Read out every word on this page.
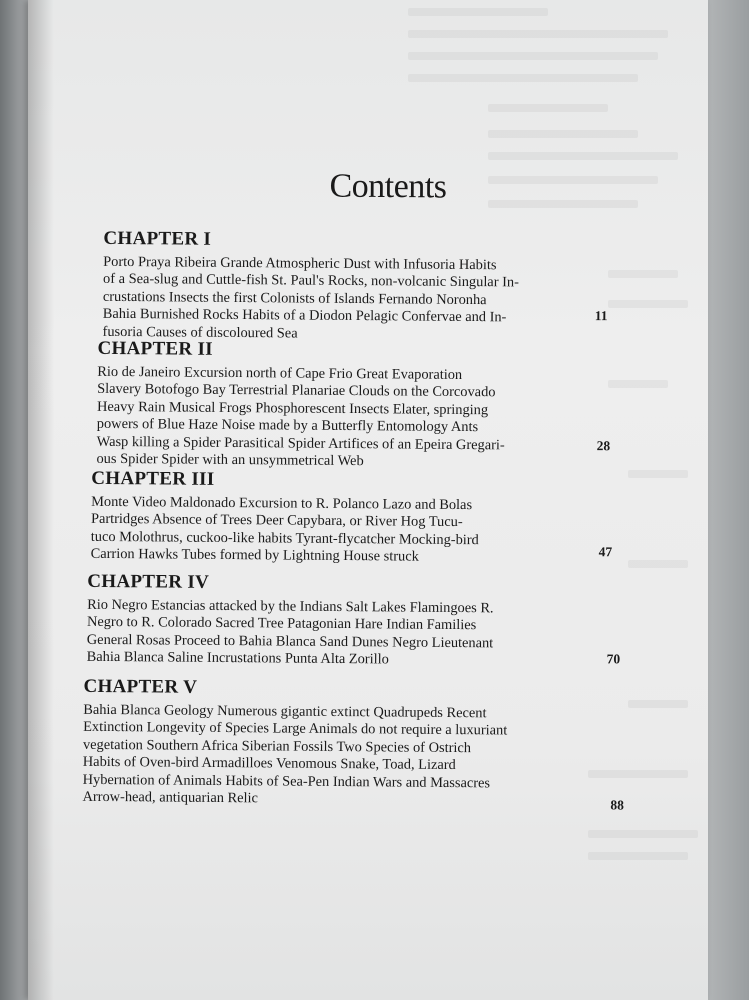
Contents
CHAPTER I
Porto Praya Ribeira Grande Atmospheric Dust with Infusoria Habits
of a Sea-slug and Cuttle-fish St. Paul's Rocks, non-volcanic Singular In-
crustations Insects the first Colonists of Islands Fernando Noronha
Bahia Burnished Rocks Habits of a Diodon Pelagic Confervae and In-
fusoria Causes of discoloured Sea
11
CHAPTER II
Rio de Janeiro Excursion north of Cape Frio Great Evaporation
Slavery Botofogo Bay Terrestrial Planariae Clouds on the Corcovado
Heavy Rain Musical Frogs Phosphorescent Insects Elater, springing
powers of Blue Haze Noise made by a Butterfly Entomology Ants
Wasp killing a Spider Parasitical Spider Artifices of an Epeira Gregari-
ous Spider Spider with an unsymmetrical Web
28
CHAPTER III
Monte Video Maldonado Excursion to R. Polanco Lazo and Bolas
Partridges Absence of Trees Deer Capybara, or River Hog Tucu-
tuco Molothrus, cuckoo-like habits Tyrant-flycatcher Mocking-bird
Carrion Hawks Tubes formed by Lightning House struck	47
CHAPTER IV
Rio Negro Estancias attacked by the Indians Salt Lakes Flamingoes R.
Negro to R. Colorado Sacred Tree Patagonian Hare Indian Families
General Rosas Proceed to Bahia Blanca Sand Dunes Negro Lieutenant
Bahia Blanca Saline Incrustations Punta Alta Zorillo	70
CHAPTER V
Bahia Blanca Geology Numerous gigantic extinct Quadrupeds Recent
Extinction Longevity of Species Large Animals do not require a luxuriant
vegetation Southern Africa Siberian Fossils Two Species of Ostrich
Habits of Oven-bird Armadilloes Venomous Snake, Toad, Lizard
Hybernation of Animals Habits of Sea-Pen Indian Wars and Massacres
Arrow-head, antiquarian Relic	88
